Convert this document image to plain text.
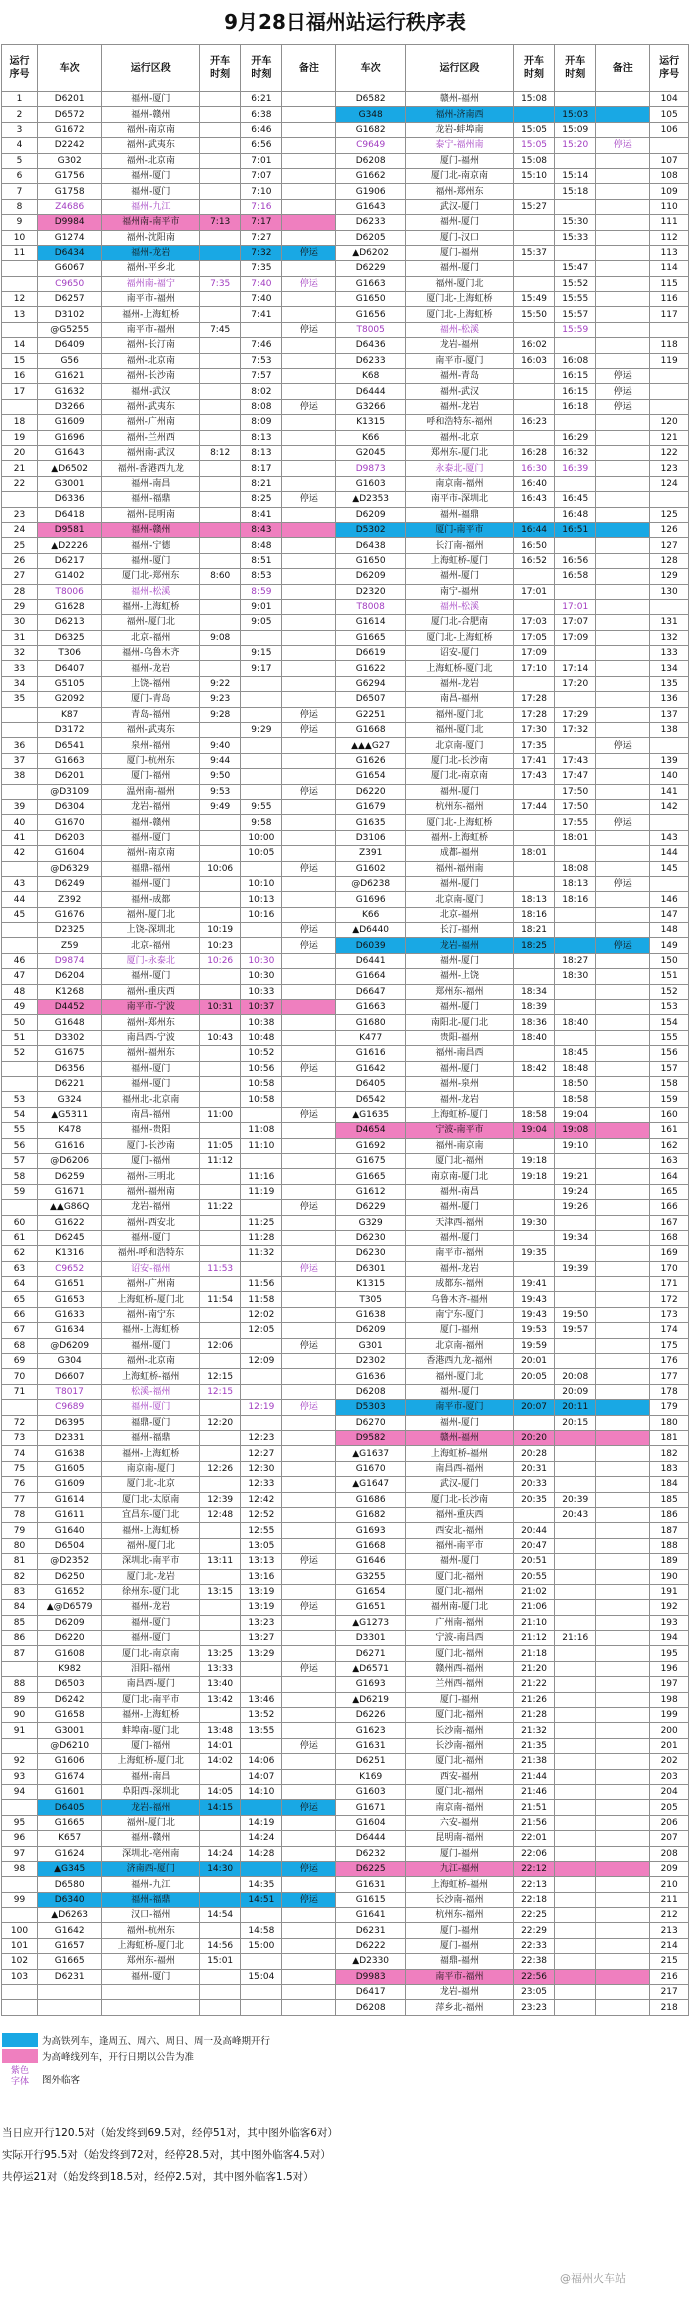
9月28日福州站运行秩序表
运行
序号	车次	运行区段	开车
时刻	开车
时刻	备注	车次	运行区段	开车
时刻	开车
时刻	备注	运行
序号
1	D6201	福州-厦门		6:21		D6582	赣州-福州	15:08			104
2	D6572	福州-赣州		6:38		G348	福州-济南西		15:03		105
3	G1672	福州-南京南		6:46		G1682	龙岩-蚌埠南	15:05	15:09		106
4	D2242	福州-武夷东		6:56		C9649	泰宁-福州南	15:05	15:20	停运	
5	G302	福州-北京南		7:01		D6208	厦门-福州	15:08			107
6	G1756	福州-厦门		7:07		G1662	厦门北-南京南	15:10	15:14		108
7	G1758	福州-厦门		7:10		G1906	福州-郑州东		15:18		109
8	Z4686	福州-九江		7:16		G1643	武汉-厦门	15:27			110
9	D9984	福州南-南平市	7:13	7:17		D6233	福州-厦门		15:30		111
10	G1274	福州-沈阳南		7:27		D6205	厦门-汉口		15:33		112
11	D6434	福州-龙岩		7:32	停运	▲D6202	厦门-福州	15:37			113
	G6067	福州-平乡北		7:35		D6229	福州-厦门		15:47		114
	C9650	福州南-福宁	7:35	7:40	停运	G1663	福州-厦门北		15:52		115
12	D6257	南平市-福州		7:40		G1650	厦门北-上海虹桥	15:49	15:55		116
13	D3102	福州-上海虹桥		7:41		G1656	厦门北-上海虹桥	15:50	15:57		117
	@G5255	南平市-福州	7:45		停运	T8005	福州-松溪		15:59		
14	D6409	福州-长汀南		7:46		D6436	龙岩-福州	16:02			118
15	G56	福州-北京南		7:53		D6233	南平市-厦门	16:03	16:08		119
16	G1621	福州-长沙南		7:57		K68	福州-青岛		16:15	停运	
17	G1632	福州-武汉		8:02		D6444	福州-武汉		16:15	停运	
	D3266	福州-武夷东		8:08	停运	G3266	福州-龙岩		16:18	停运	
18	G1609	福州-广州南		8:09		K1315	呼和浩特东-福州	16:23			120
19	G1696	福州-兰州西		8:13		K66	福州-北京		16:29		121
20	G1643	福州南-武汉	8:12	8:13		G2045	郑州东-厦门北	16:28	16:32		122
21	▲D6502	福州-香港西九龙		8:17		D9873	永泰北-厦门	16:30	16:39		123
22	G3001	福州-南昌		8:21		G1603	南京南-福州	16:40			124
	D6336	福州-福鼎		8:25	停运	▲D2353	南平市-深圳北	16:43	16:45		
23	D6418	福州-昆明南		8:41		D6209	福州-福鼎		16:48		125
24	D9581	福州-赣州		8:43		D5302	厦门-南平市	16:44	16:51		126
25	▲D2226	福州-宁德		8:48		D6438	长汀南-福州	16:50			127
26	D6217	福州-厦门		8:51		G1650	上海虹桥-厦门	16:52	16:56		128
27	G1402	厦门北-郑州东	8:60	8:53		D6209	福州-厦门		16:58		129
28	T8006	福州-松溪		8:59		D2320	南宁-福州	17:01			130
29	G1628	福州-上海虹桥		9:01		T8008	福州-松溪		17:01		
30	D6213	福州-厦门北		9:05		G1614	厦门北-合肥南	17:03	17:07		131
31	D6325	北京-福州	9:08			G1665	厦门北-上海虹桥	17:05	17:09		132
32	T306	福州-乌鲁木齐		9:15		D6619	诏安-厦门	17:09			133
33	D6407	福州-龙岩		9:17		G1622	上海虹桥-厦门北	17:10	17:14		134
34	G5105	上饶-福州	9:22			G6294	福州-龙岩		17:20		135
35	G2092	厦门-青岛	9:23			D6507	南昌-福州	17:28			136
	K87	青岛-福州	9:28		停运	G2251	福州-厦门北	17:28	17:29		137
	D3172	福州-武夷东		9:29	停运	G1668	福州-厦门北	17:30	17:32		138
36	D6541	泉州-福州	9:40			▲▲▲G27	北京南-厦门	17:35		停运	
37	G1663	厦门-杭州东	9:44			G1626	厦门北-长沙南	17:41	17:43		139
38	D6201	厦门-福州	9:50			G1654	厦门北-南京南	17:43	17:47		140
	@D3109	温州南-福州	9:53		停运	D6220	福州-厦门		17:50		141
39	D6304	龙岩-福州	9:49	9:55		G1679	杭州东-福州	17:44	17:50		142
40	G1670	福州-赣州		9:58		G1635	厦门北-上海虹桥		17:55	停运	
41	D6203	福州-厦门		10:00		D3106	福州-上海虹桥		18:01		143
42	G1604	福州-南京南		10:05		Z391	成都-福州	18:01			144
	@D6329	福鼎-福州	10:06		停运	G1602	福州-福州南		18:08		145
43	D6249	福州-厦门		10:10		@D6238	福州-厦门		18:13	停运	
44	Z392	福州-成都		10:13		G1696	北京南-厦门	18:13	18:16		146
45	G1676	福州-厦门北		10:16		K66	北京-福州	18:16			147
	D2325	上饶-深圳北	10:19		停运	▲D6440	长汀-福州	18:21			148
	Z59	北京-福州	10:23		停运	D6039	龙岩-福州	18:25		停运	149
46	D9874	厦门-永泰北	10:26	10:30		D6441	福州-厦门		18:27		150
47	D6204	福州-厦门		10:30		G1664	福州-上饶		18:30		151
48	K1268	福州-重庆西		10:33		D6647	郑州东-福州	18:34			152
49	D4452	南平市-宁波	10:31	10:37		G1663	福州-厦门	18:39			153
50	G1648	福州-郑州东		10:38		G1680	南阳北-厦门北	18:36	18:40		154
51	D3302	南昌西-宁波	10:43	10:48		K477	贵阳-福州	18:40			155
52	G1675	福州-福州东		10:52		G1616	福州-南昌西		18:45		156
	D6356	福州-厦门		10:56	停运	G1642	福州-厦门	18:42	18:48		157
	D6221	福州-厦门		10:58		D6405	福州-泉州		18:50		158
53	G324	福州北-北京南		10:58		D6542	福州-龙岩		18:58		159
54	▲G5311	南昌-福州	11:00		停运	▲G1635	上海虹桥-厦门	18:58	19:04		160
55	K478	福州-贵阳		11:08		D4654	宁波-南平市	19:04	19:08		161
56	G1616	厦门-长沙南	11:05	11:10		G1692	福州-南京南		19:10		162
57	@D6206	厦门-福州	11:12			G1675	厦门北-福州	19:18			163
58	D6259	福州-三明北		11:16		G1665	南京南-厦门北	19:18	19:21		164
59	G1671	福州-福州南		11:19		G1612	福州-南昌		19:24		165
	▲▲G86Q	龙岩-福州	11:22		停运	D6229	福州-厦门		19:26		166
60	G1622	福州-西安北		11:25		G329	天津西-福州	19:30			167
61	D6245	福州-厦门		11:28		D6230	福州-厦门		19:34		168
62	K1316	福州-呼和浩特东		11:32		D6230	南平市-福州	19:35			169
63	C9652	诏安-福州	11:53		停运	D6301	福州-龙岩		19:39		170
64	G1651	福州-广州南		11:56		K1315	成都东-福州	19:41			171
65	G1653	上海虹桥-厦门北	11:54	11:58		T305	乌鲁木齐-福州	19:43			172
66	G1633	福州-南宁东		12:02		G1638	南宁东-厦门	19:43	19:50		173
67	G1634	福州-上海虹桥		12:05		D6209	厦门-福州	19:53	19:57		174
68	@D6209	福州-厦门	12:06		停运	G301	北京南-福州	19:59			175
69	G304	福州-北京南		12:09		D2302	香港西九龙-福州	20:01			176
70	D6607	上海虹桥-福州	12:15			G1636	福州-厦门北	20:05	20:08		177
71	T8017	松溪-福州	12:15			D6208	福州-厦门		20:09		178
	C9689	福州-厦门		12:19	停运	D5303	南平市-厦门	20:07	20:11		179
72	D6395	福鼎-厦门	12:20			D6270	福州-厦门		20:15		180
73	D2331	福州-福鼎		12:23		D9582	赣州-福州	20:20			181
74	G1638	福州-上海虹桥		12:27		▲G1637	上海虹桥-福州	20:28			182
75	G1605	南京南-厦门	12:26	12:30		G1670	南昌西-福州	20:31			183
76	G1609	厦门北-北京		12:33		▲G1647	武汉-厦门	20:33			184
77	G1614	厦门北-太原南	12:39	12:42		G1686	厦门北-长沙南	20:35	20:39		185
78	G1611	宜昌东-厦门北	12:48	12:52		G1682	福州-重庆西		20:43		186
79	G1640	福州-上海虹桥		12:55		G1693	西安北-福州	20:44			187
80	D6504	福州-厦门北		13:05		G1668	福州-南平市	20:47			188
81	@D2352	深圳北-南平市	13:11	13:13	停运	G1646	福州-厦门	20:51			189
82	D6250	厦门北-龙岩		13:16		G3255	厦门北-福州	20:55			190
83	G1652	徐州东-厦门北	13:15	13:19		G1654	厦门北-福州	21:02			191
84	▲@D6579	福州-龙岩		13:19	停运	G1651	福州南-厦门北	21:06			192
85	D6209	福州-厦门		13:23		▲G1273	广州南-福州	21:10			193
86	D6220	福州-厦门		13:27		D3301	宁波-南昌西	21:12	21:16		194
87	G1608	厦门北-南京南	13:25	13:29		D6271	厦门北-福州	21:18			195
	K982	泪阳-福州	13:33		停运	▲D6571	赣州西-福州	21:20			196
88	D6503	南昌西-厦门	13:40			G1693	兰州西-福州	21:22			197
89	D6242	厦门北-南平市	13:42	13:46		▲D6219	厦门-福州	21:26			198
90	G1658	福州-上海虹桥		13:52		D6226	厦门北-福州	21:28			199
91	G3001	蚌埠南-厦门北	13:48	13:55		G1623	长沙南-福州	21:32			200
	@D6210	厦门-福州	14:01		停运	G1631	长沙南-福州	21:35			201
92	G1606	上海虹桥-厦门北	14:02	14:06		D6251	厦门北-福州	21:38			202
93	G1674	福州-南昌		14:07		K169	西安-福州	21:44			203
94	G1601	阜阳西-深圳北	14:05	14:10		G1603	厦门北-福州	21:46			204
	D6405	龙岩-福州	14:15		停运	G1671	南京南-福州	21:51			205
95	G1665	福州-厦门北		14:19		G1604	六安-福州	21:56			206
96	K657	福州-赣州		14:24		D6444	昆明南-福州	22:01			207
97	G1624	深圳北-亳州南	14:24	14:28		D6232	厦门-福州	22:06			208
98	▲G345	济南西-厦门	14:30		停运	D6225	九江-福州	22:12			209
	D6580	福州-九江		14:35		G1631	上海虹桥-福州	22:13			210
99	D6340	福州-福鼎		14:51	停运	G1615	长沙南-福州	22:18			211
	▲D6263	汉口-福州	14:54			G1641	杭州东-福州	22:25			212
100	G1642	福州-杭州东		14:58		D6231	厦门-福州	22:29			213
101	G1657	上海虹桥-厦门北	14:56	15:00		D6222	厦门-福州	22:33			214
102	G1665	郑州东-福州	15:01			▲D2330	福鼎-福州	22:38			215
103	D6231	福州-厦门		15:04		D9983	南平市-福州	22:56			216
						D6417	龙岩-福州	23:05			217
						D6208	萍乡北-福州	23:23			218
为高铁列车，逢周五、周六、周日、周一及高峰期开行
为高峰线列车，开行日期以公告为准
紫色
字体	图外临客
当日应开行120.5对（始发终到69.5对，经停51对，其中图外临客6对）
实际开行95.5对（始发终到72对，经停28.5对，其中图外临客4.5对）
共停运21对（始发终到18.5对，经停2.5对，其中图外临客1.5对）
@福州火车站
